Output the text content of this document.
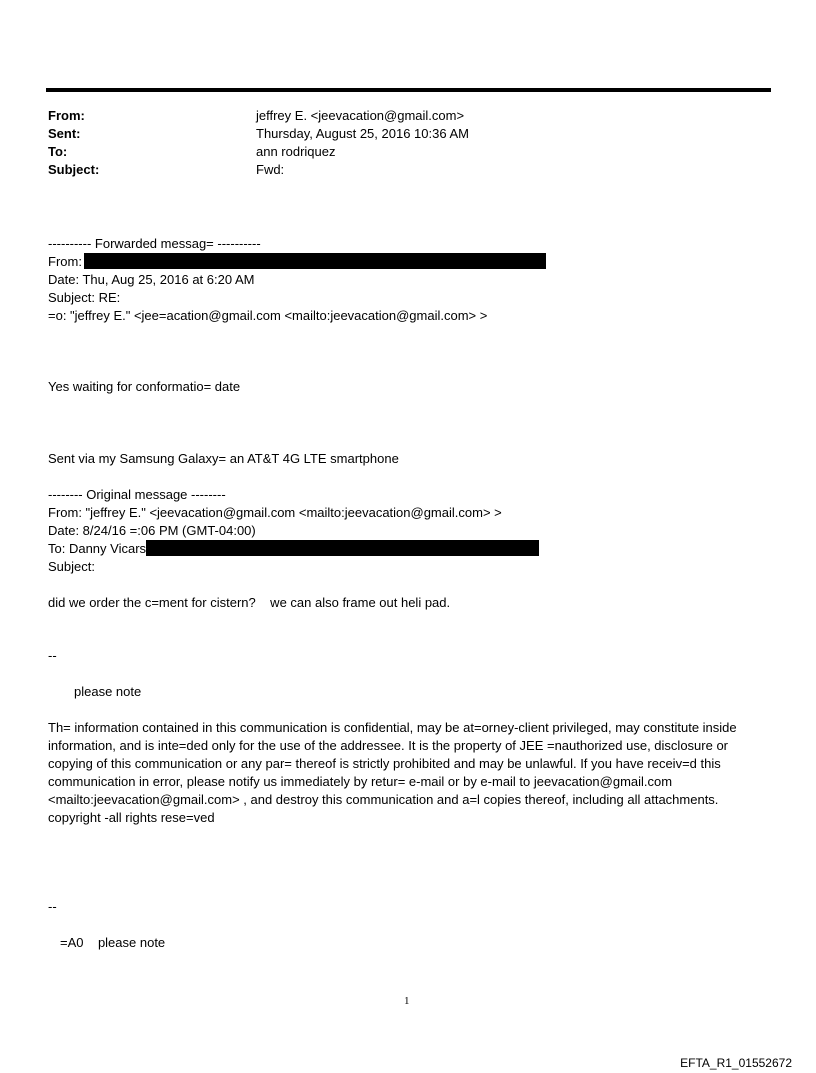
From:	jeffrey E. <jeevacation@gmail.com>
Sent:	Thursday, August 25, 2016 10:36 AM
To:	ann rodriquez
Subject:	Fwd:
---------- Forwarded messag= ----------
From:
Date: Thu, Aug 25, 2016 at 6:20 AM
Subject: RE:
=o: "jeffrey E." <jee=acation@gmail.com <mailto:jeevacation@gmail.com> >
Yes waiting for conformatio= date
Sent via my Samsung Galaxy= an AT&T 4G LTE smartphone
-------- Original message --------
From: "jeffrey E." <jeevacation@gmail.com <mailto:jeevacation@gmail.com> >
Date: 8/24/16 =:06 PM (GMT-04:00)
To: Danny Vicars
Subject:
did we order the c=ment for cistern?    we can also frame out heli pad.
--
please note
Th= information contained in this communication is confidential, may be at=orney-client privileged, may constitute inside information, and is inte=ded only for the use of the addressee. It is the property of JEE =nauthorized use, disclosure or copying of this communication or any par= thereof is strictly prohibited and may be unlawful. If you have receiv=d this communication in error, please notify us immediately by retur= e-mail or by e-mail to jeevacation@gmail.com <mailto:jeevacation@gmail.com> , and destroy this communication and a=l copies thereof, including all attachments. copyright -all rights rese=ved
--
=A0    please note
1
EFTA_R1_01552672
